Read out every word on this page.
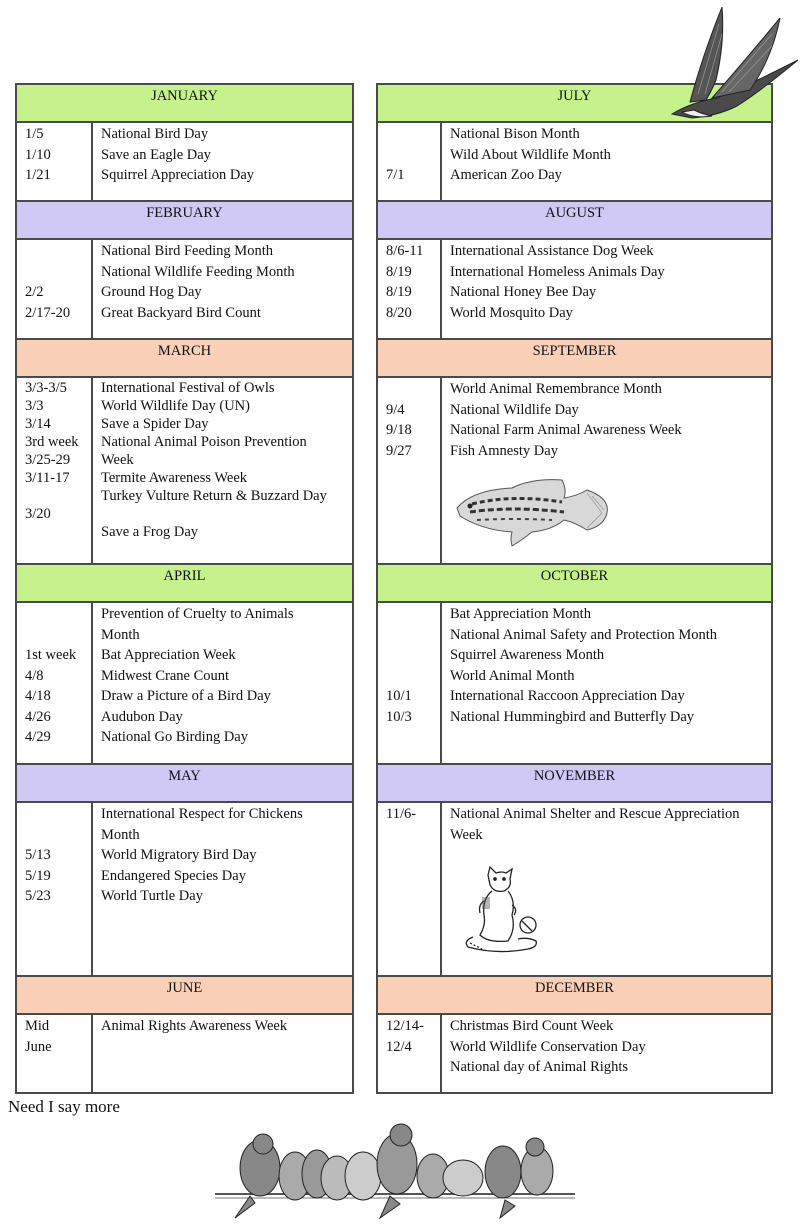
JANUARY
1/5
1/10
1/21
National Bird Day
Save an Eagle Day
Squirrel Appreciation Day
FEBRUARY
2/2
2/17-20
National Bird Feeding Month
National Wildlife Feeding Month
Ground Hog Day
Great Backyard Bird Count
MARCH
3/3-3/5
3/3
3/14
3rd week
3/25-29
3/11-17
3/20
International Festival of Owls
World Wildlife Day (UN)
Save a Spider Day
National Animal Poison Prevention
Week
Termite Awareness Week
Turkey Vulture Return & Buzzard Day
Save a Frog Day
APRIL
1st week
4/8
4/18
4/26
4/29
Prevention of Cruelty to Animals
Month
Bat Appreciation Week
Midwest Crane Count
Draw a Picture of a Bird Day
Audubon Day
National Go Birding Day
MAY
5/13
5/19
5/23
International Respect for Chickens
Month
World Migratory Bird Day
Endangered Species Day
World Turtle Day
JUNE
Mid
June
Animal Rights Awareness Week
JULY
7/1
National Bison Month
Wild About Wildlife Month
American Zoo Day
AUGUST
8/6-11
8/19
8/19
8/20
International Assistance Dog Week
International Homeless Animals Day
National Honey Bee Day
World Mosquito Day
SEPTEMBER
9/4
9/18
9/27
World Animal Remembrance Month
National Wildlife Day
National Farm Animal Awareness Week
Fish Amnesty Day
OCTOBER
10/1
10/3
Bat Appreciation Month
National Animal Safety and Protection Month
Squirrel Awareness Month
World Animal Month
International Raccoon Appreciation Day
National Hummingbird and Butterfly Day
NOVEMBER
11/6- National Animal Shelter and Rescue Appreciation
Week
DECEMBER
12/14-
12/4
Christmas Bird Count Week
World Wildlife Conservation Day
National day of Animal Rights
Need I say more
